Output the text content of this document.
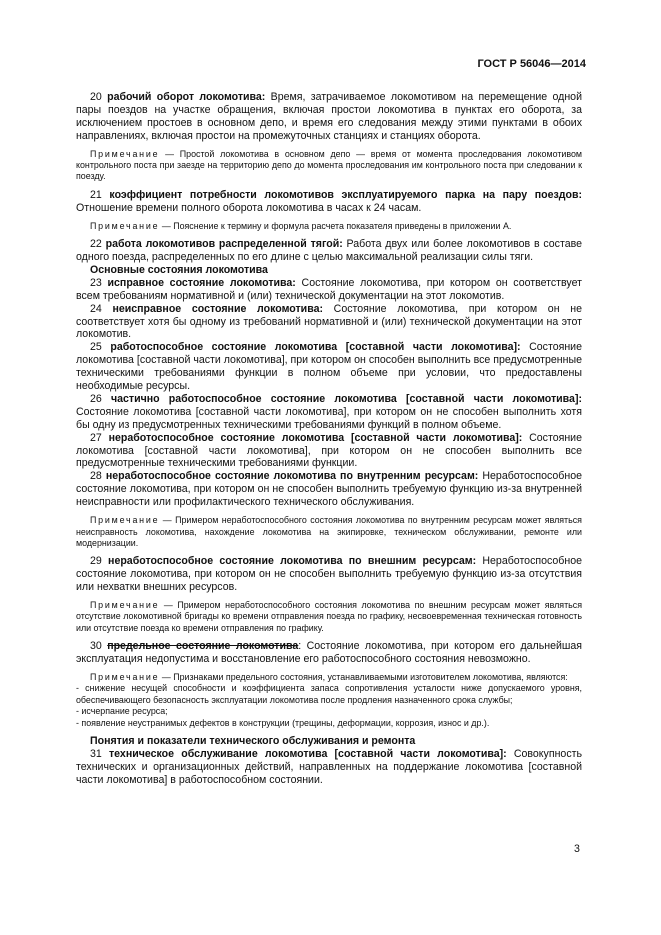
ГОСТ Р 56046—2014

20 рабочий оборот локомотива: Время, затрачиваемое локомотивом на перемещение одной пары поездов на участке обращения, включая простои локомотива в пунктах его оборота, за исключением простоев в основном депо, и время его следования между этими пунктами в обоих направлениях, включая простои на промежуточных станциях и станциях оборота.

Примечание — Простой локомотива в основном депо — время от момента проследования локомотивом контрольного поста при заезде на территорию депо до момента проследования им контрольного поста при следовании к поезду.

21 коэффициент потребности локомотивов эксплуатируемого парка на пару поездов: Отношение времени полного оборота локомотива в часах к 24 часам.

Примечание — Пояснение к термину и формула расчета показателя приведены в приложении А.

22 работа локомотивов распределенной тягой: Работа двух или более локомотивов в составе одного поезда, распределенных по его длине с целью максимальной реализации силы тяги.

Основные состояния локомотива

23 исправное состояние локомотива: Состояние локомотива, при котором он соответствует всем требованиям нормативной и (или) технической документации на этот локомотив.

24 неисправное состояние локомотива: Состояние локомотива, при котором он не соответствует хотя бы одному из требований нормативной и (или) технической документации на этот локомотив.

25 работоспособное состояние локомотива [составной части локомотива]: Состояние локомотива [составной части локомотива], при котором он способен выполнить все предусмотренные техническими требованиями функции в полном объеме при условии, что предоставлены необходимые ресурсы.

26 частично работоспособное состояние локомотива [составной части локомотива]: Состояние локомотива [составной части локомотива], при котором он не способен выполнить хотя бы одну из предусмотренных техническими требованиями функций в полном объеме.

27 неработоспособное состояние локомотива [составной части локомотива]: Состояние локомотива [составной части локомотива], при котором он не способен выполнить все предусмотренные техническими требованиями функции.

28 неработоспособное состояние локомотива по внутренним ресурсам: Неработоспособное состояние локомотива, при котором он не способен выполнить требуемую функцию из-за внутренней неисправности или профилактического технического обслуживания.

Примечание — Примером неработоспособного состояния локомотива по внутренним ресурсам может являться неисправность локомотива, нахождение локомотива на экипировке, техническом обслуживании, ремонте или модернизации.

29 неработоспособное состояние локомотива по внешним ресурсам: Неработоспособное состояние локомотива, при котором он не способен выполнить требуемую функцию из-за отсутствия или нехватки внешних ресурсов.

Примечание — Примером неработоспособного состояния локомотива по внешним ресурсам может являться отсутствие локомотивной бригады ко времени отправления поезда по графику, несвоевременная техническая готовность или отсутствие поезда ко времени отправления по графику.

30 предельное состояние локомотива: Состояние локомотива, при котором его дальнейшая эксплуатация недопустима и восстановление его работоспособного состояния невозможно.

Примечание — Признаками предельного состояния, устанавливаемыми изготовителем локомотива, являются:

- снижение несущей способности и коэффициента запаса сопротивления усталости ниже допускаемого уровня, обеспечивающего безопасность эксплуатации локомотива после продления назначенного срока службы;

- исчерпание ресурса;

- появление неустранимых дефектов в конструкции (трещины, деформации, коррозия, износ и др.).

Понятия и показатели технического обслуживания и ремонта

31 техническое обслуживание локомотива [составной части локомотива]: Совокупность технических и организационных действий, направленных на поддержание локомотива [составной части локомотива] в работоспособном состоянии.

3
